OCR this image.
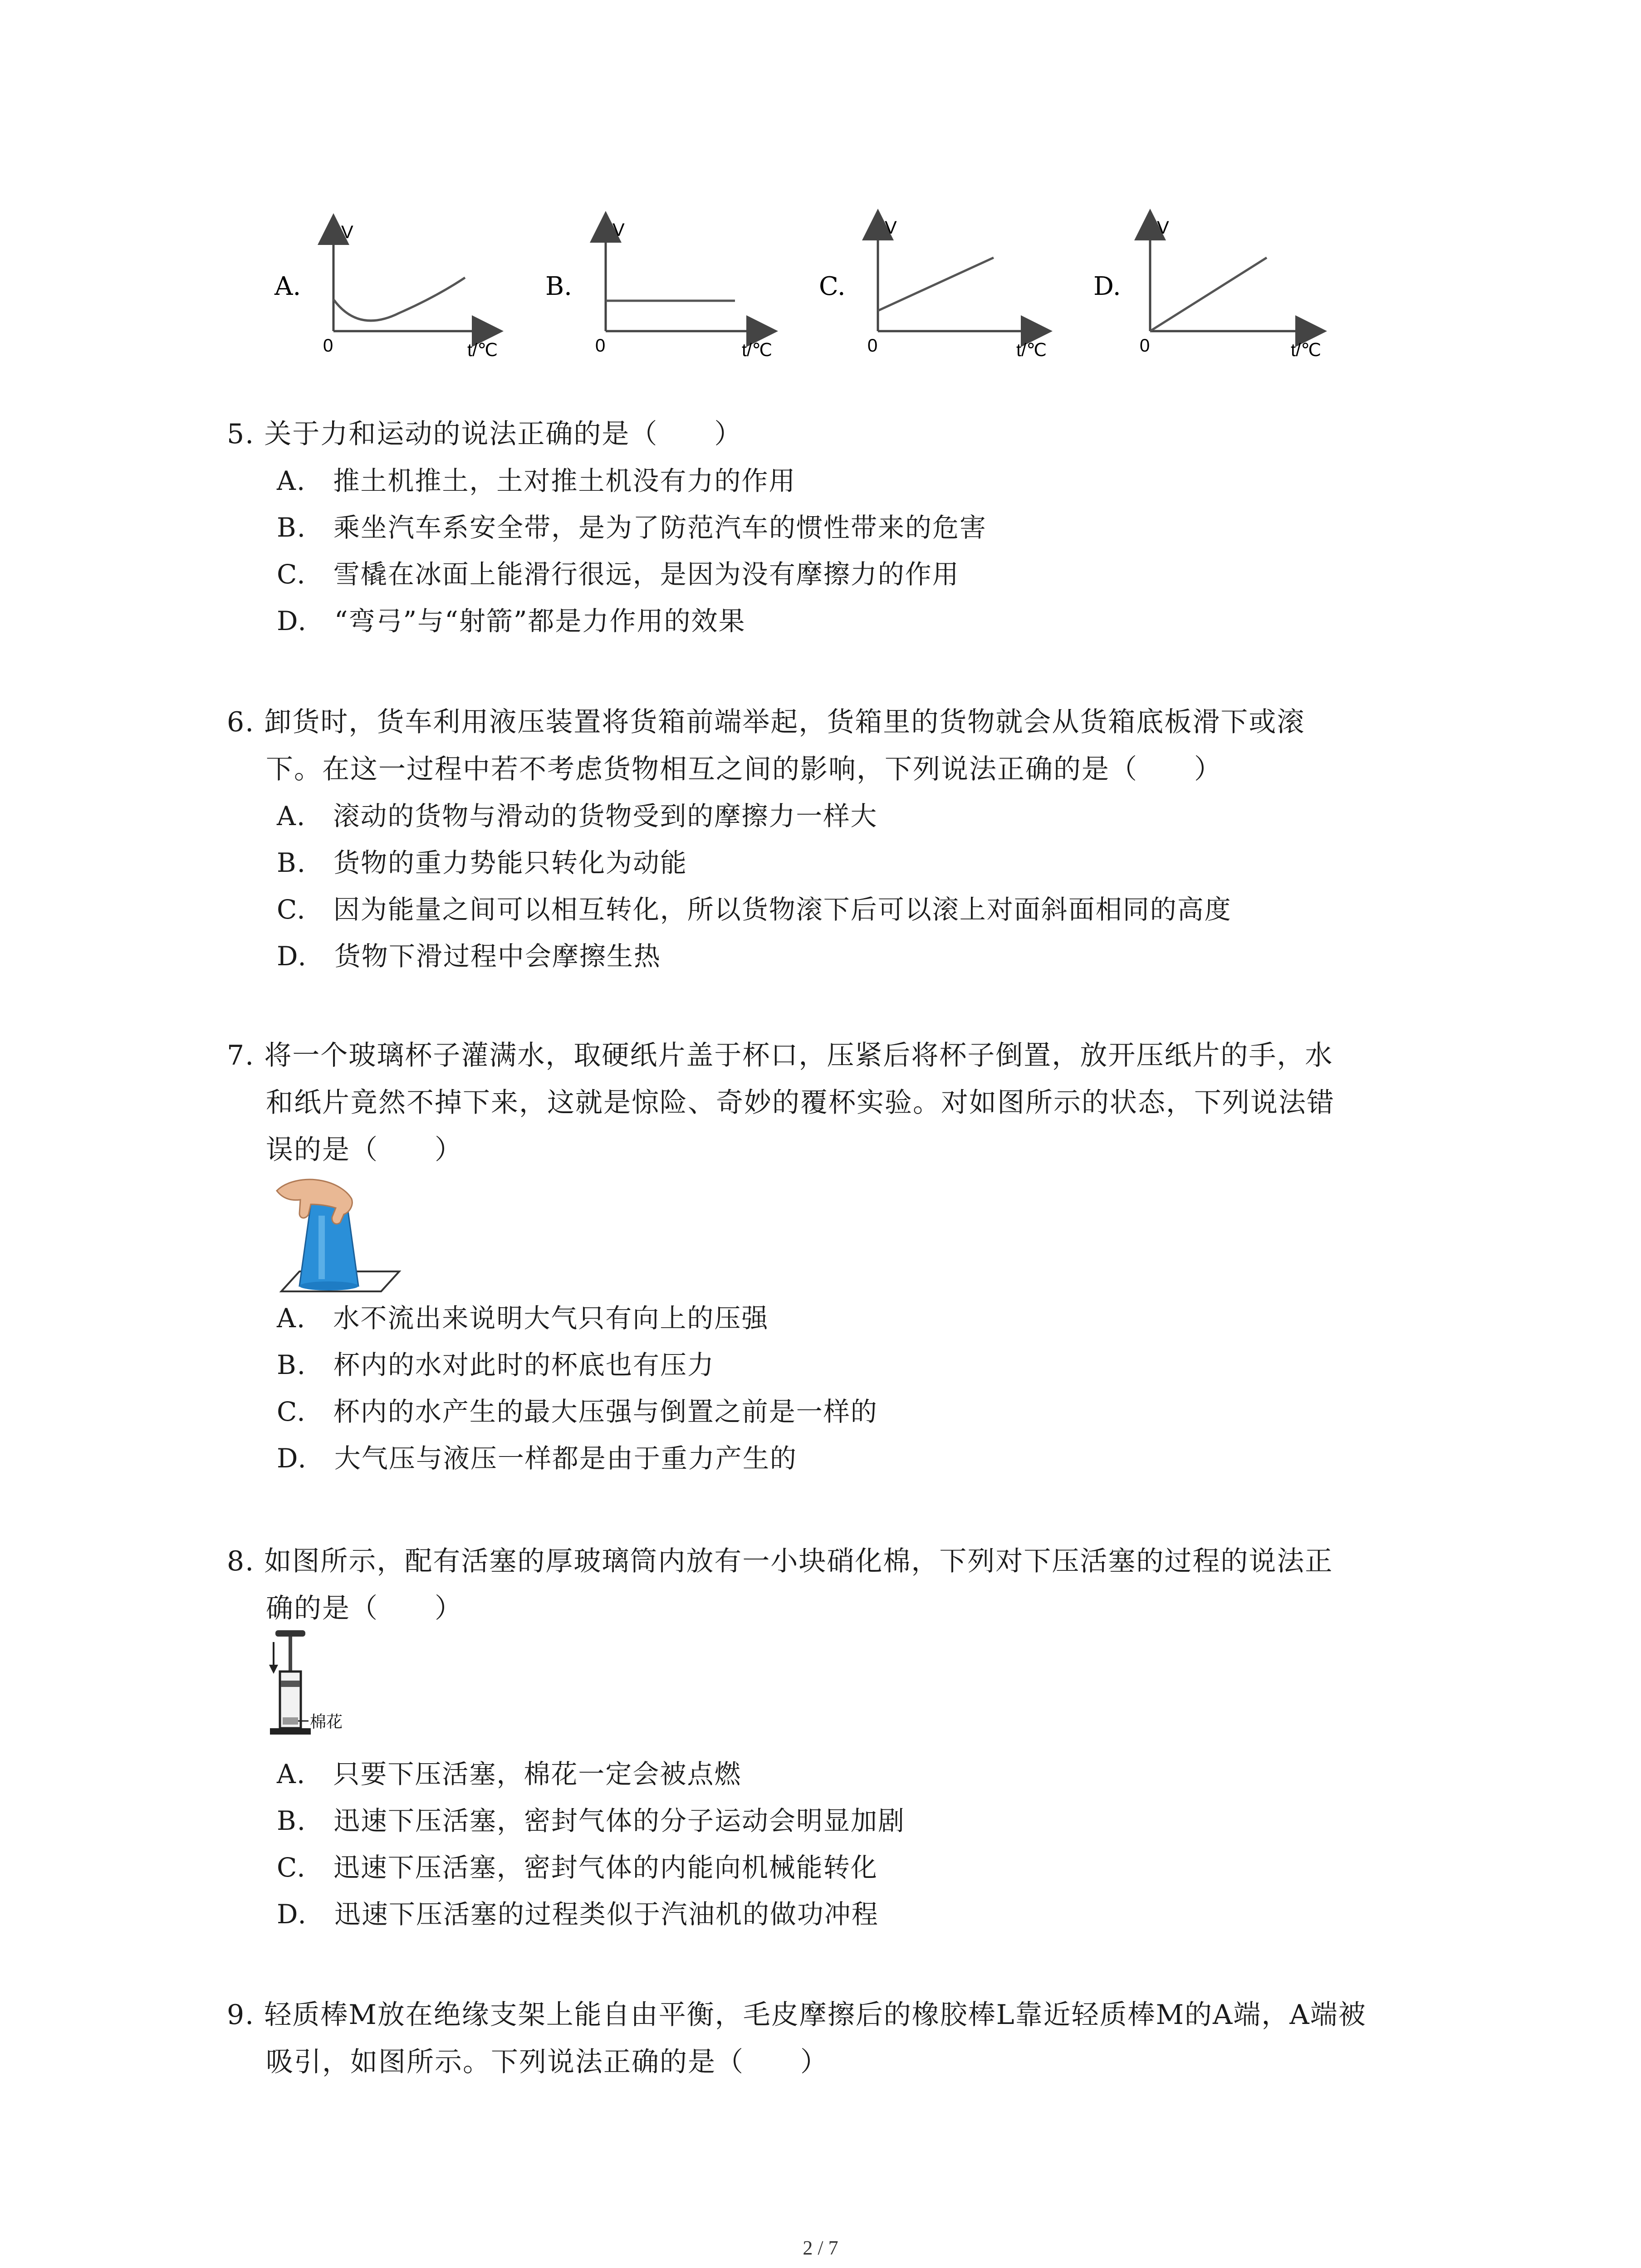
A.
V
0	t/℃
B.
V
0	t/℃
C.
V
0	t/℃
D.
V
0	t/℃
5. 关于力和运动的说法正确的是（　　）
A.　推土机推土，土对推土机没有力的作用
B.　乘坐汽车系安全带，是为了防范汽车的惯性带来的危害
C.　雪橇在冰面上能滑行很远，是因为没有摩擦力的作用
D.　“弯弓”与“射箭”都是力作用的效果
6. 卸货时，货车利用液压装置将货箱前端举起，货箱里的货物就会从货箱底板滑下或滚
下。在这一过程中若不考虑货物相互之间的影响，下列说法正确的是（　　）
A.　滚动的货物与滑动的货物受到的摩擦力一样大
B.　货物的重力势能只转化为动能
C.　因为能量之间可以相互转化，所以货物滚下后可以滚上对面斜面相同的高度
D.　货物下滑过程中会摩擦生热
7. 将一个玻璃杯子灌满水，取硬纸片盖于杯口，压紧后将杯子倒置，放开压纸片的手，水
和纸片竟然不掉下来，这就是惊险、奇妙的覆杯实验。对如图所示的状态，下列说法错
误的是（　　）
A.　水不流出来说明大气只有向上的压强
B.　杯内的水对此时的杯底也有压力
C.　杯内的水产生的最大压强与倒置之前是一样的
D.　大气压与液压一样都是由于重力产生的
8. 如图所示，配有活塞的厚玻璃筒内放有一小块硝化棉，下列对下压活塞的过程的说法正
确的是（　　）
棉花
A.　只要下压活塞，棉花一定会被点燃
B.　迅速下压活塞，密封气体的分子运动会明显加剧
C.　迅速下压活塞，密封气体的内能向机械能转化
D.　迅速下压活塞的过程类似于汽油机的做功冲程
9. 轻质棒M放在绝缘支架上能自由平衡，毛皮摩擦后的橡胶棒L靠近轻质棒M的A端，A端被
吸引，如图所示。下列说法正确的是（　　）
2 / 7
